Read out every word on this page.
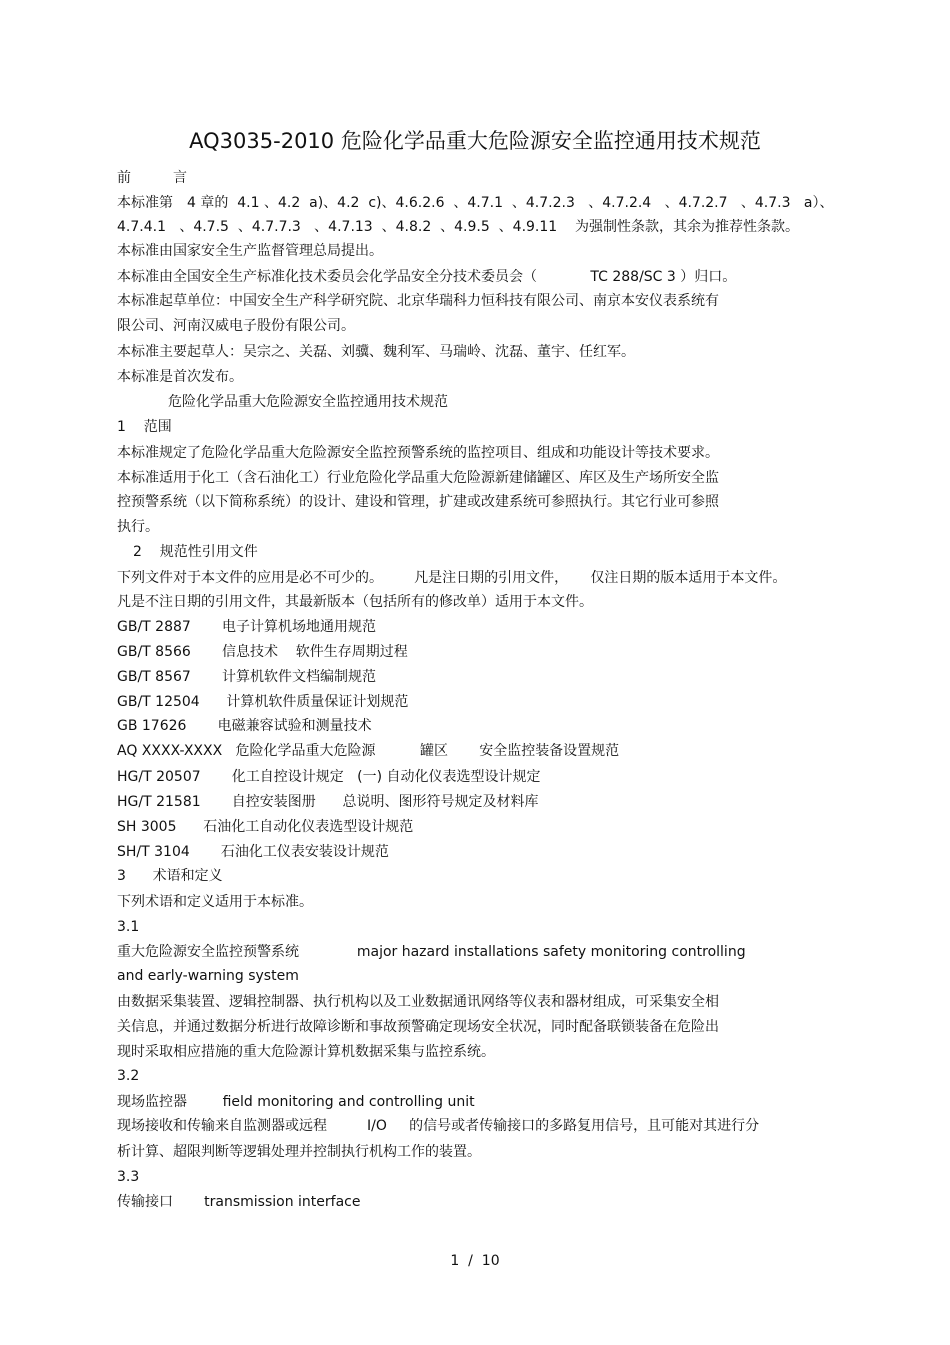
AQ3035-2010 危险化学品重大危险源安全监控通用技术规范
前　　　言
本标准第　4 章的  4.1 、4.2  a)、4.2  c)、4.6.2.6  、4.7.1  、4.7.2.3   、4.7.2.4   、4.7.2.7   、4.7.3   a）、
4.7.4.1   、4.7.5  、4.7.7.3   、4.7.13  、4.8.2  、4.9.5  、4.9.11    为强制性条款，其余为推荐性条款。
本标准由国家安全生产监督管理总局提出。
本标准由全国安全生产标准化技术委员会化学品安全分技术委员会（            TC 288/SC 3 ）归口。
本标准起草单位：中国安全生产科学研究院、北京华瑞科力恒科技有限公司、南京本安仪表系统有
限公司、河南汉威电子股份有限公司。
本标准主要起草人：吴宗之、关磊、刘骥、魏利军、马瑞岭、沈磊、董宇、任红军。
本标准是首次发布。
危险化学品重大危险源安全监控通用技术规范
1    范围
本标准规定了危险化学品重大危险源安全监控预警系统的监控项目、组成和功能设计等技术要求。
本标准适用于化工（含石油化工）行业危险化学品重大危险源新建储罐区、库区及生产场所安全监
控预警系统（以下简称系统）的设计、建设和管理，扩建或改建系统可参照执行。其它行业可参照
执行。
2    规范性引用文件
下列文件对于本文件的应用是必不可少的。       凡是注日期的引用文件，     仅注日期的版本适用于本文件。
凡是不注日期的引用文件，其最新版本（包括所有的修改单）适用于本文件。
GB/T 2887       电子计算机场地通用规范
GB/T 8566       信息技术    软件生存周期过程
GB/T 8567       计算机软件文档编制规范
GB/T 12504      计算机软件质量保证计划规范
GB 17626       电磁兼容试验和测量技术
AQ XXXX-XXXX   危险化学品重大危险源          罐区       安全监控装备设置规范
HG/T 20507       化工自控设计规定   (一) 自动化仪表选型设计规定
HG/T 21581       自控安装图册      总说明、图形符号规定及材料库
SH 3005      石油化工自动化仪表选型设计规范
SH/T 3104       石油化工仪表安装设计规范
3      术语和定义
下列术语和定义适用于本标准。
3.1
重大危险源安全监控预警系统             major hazard installations safety monitoring controlling
and early-warning system
由数据采集装置、逻辑控制器、执行机构以及工业数据通讯网络等仪表和器材组成，可采集安全相
关信息，并通过数据分析进行故障诊断和事故预警确定现场安全状况，同时配备联锁装备在危险出
现时采取相应措施的重大危险源计算机数据采集与监控系统。
3.2
现场监控器        field monitoring and controlling unit
现场接收和传输来自监测器或远程         I/O     的信号或者传输接口的多路复用信号，且可能对其进行分
析计算、超限判断等逻辑处理并控制执行机构工作的装置。
3.3
传输接口       transmission interface
1  /  10
